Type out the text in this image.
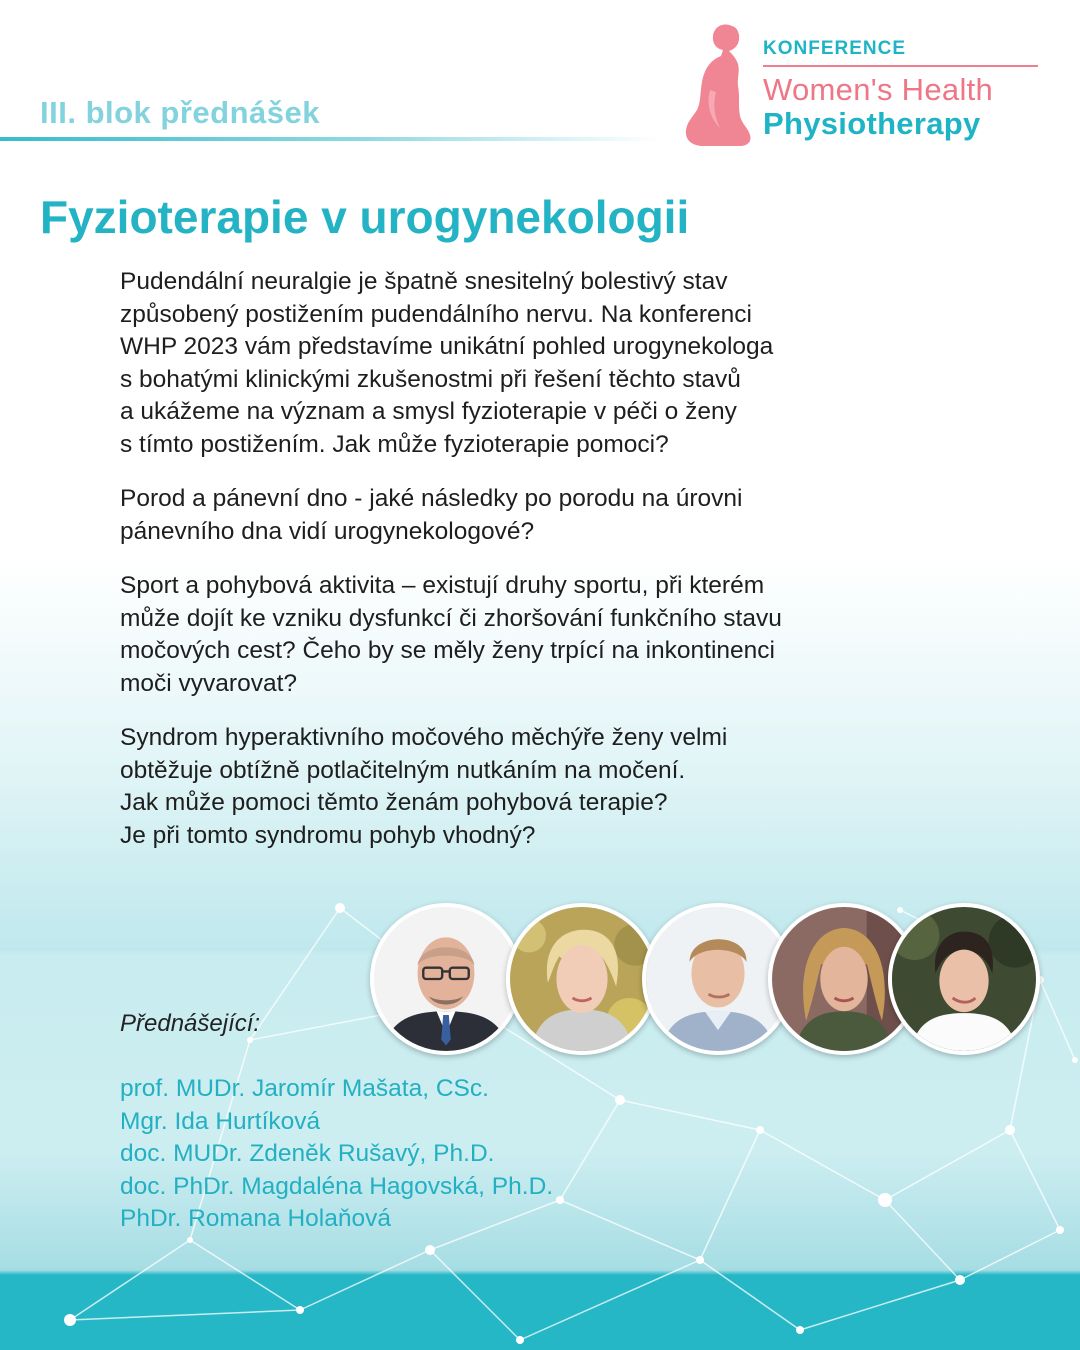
III. blok přednášek
KONFERENCE
Women's Health
Physiotherapy
Fyzioterapie v urogynekologii

Pudendální neuralgie je špatně snesitelný bolestivý stav
způsobený postižením pudendálního nervu. Na konferenci
WHP 2023 vám představíme unikátní pohled urogynekologa
s bohatými klinickými zkušenostmi při řešení těchto stavů
a ukážeme na význam a smysl fyzioterapie v péči o ženy
s tímto postižením. Jak může fyzioterapie pomoci?

Porod a pánevní dno - jaké následky po porodu na úrovni
pánevního dna vidí urogynekologové?

Sport a pohybová aktivita – existují druhy sportu, při kterém
může dojít ke vzniku dysfunkcí či zhoršování funkčního stavu
močových cest? Čeho by se měly ženy trpící na inkontinenci
moči vyvarovat?

Syndrom hyperaktivního močového měchýře ženy velmi
obtěžuje obtížně potlačitelným nutkáním na močení.
Jak může pomoci těmto ženám pohybová terapie?
Je při tomto syndromu pohyb vhodný?

Přednášející:
prof. MUDr. Jaromír Mašata, CSc.
Mgr. Ida Hurtíková
doc. MUDr. Zdeněk Rušavý, Ph.D.
doc. PhDr. Magdaléna Hagovská, Ph.D.
PhDr. Romana Holaňová
